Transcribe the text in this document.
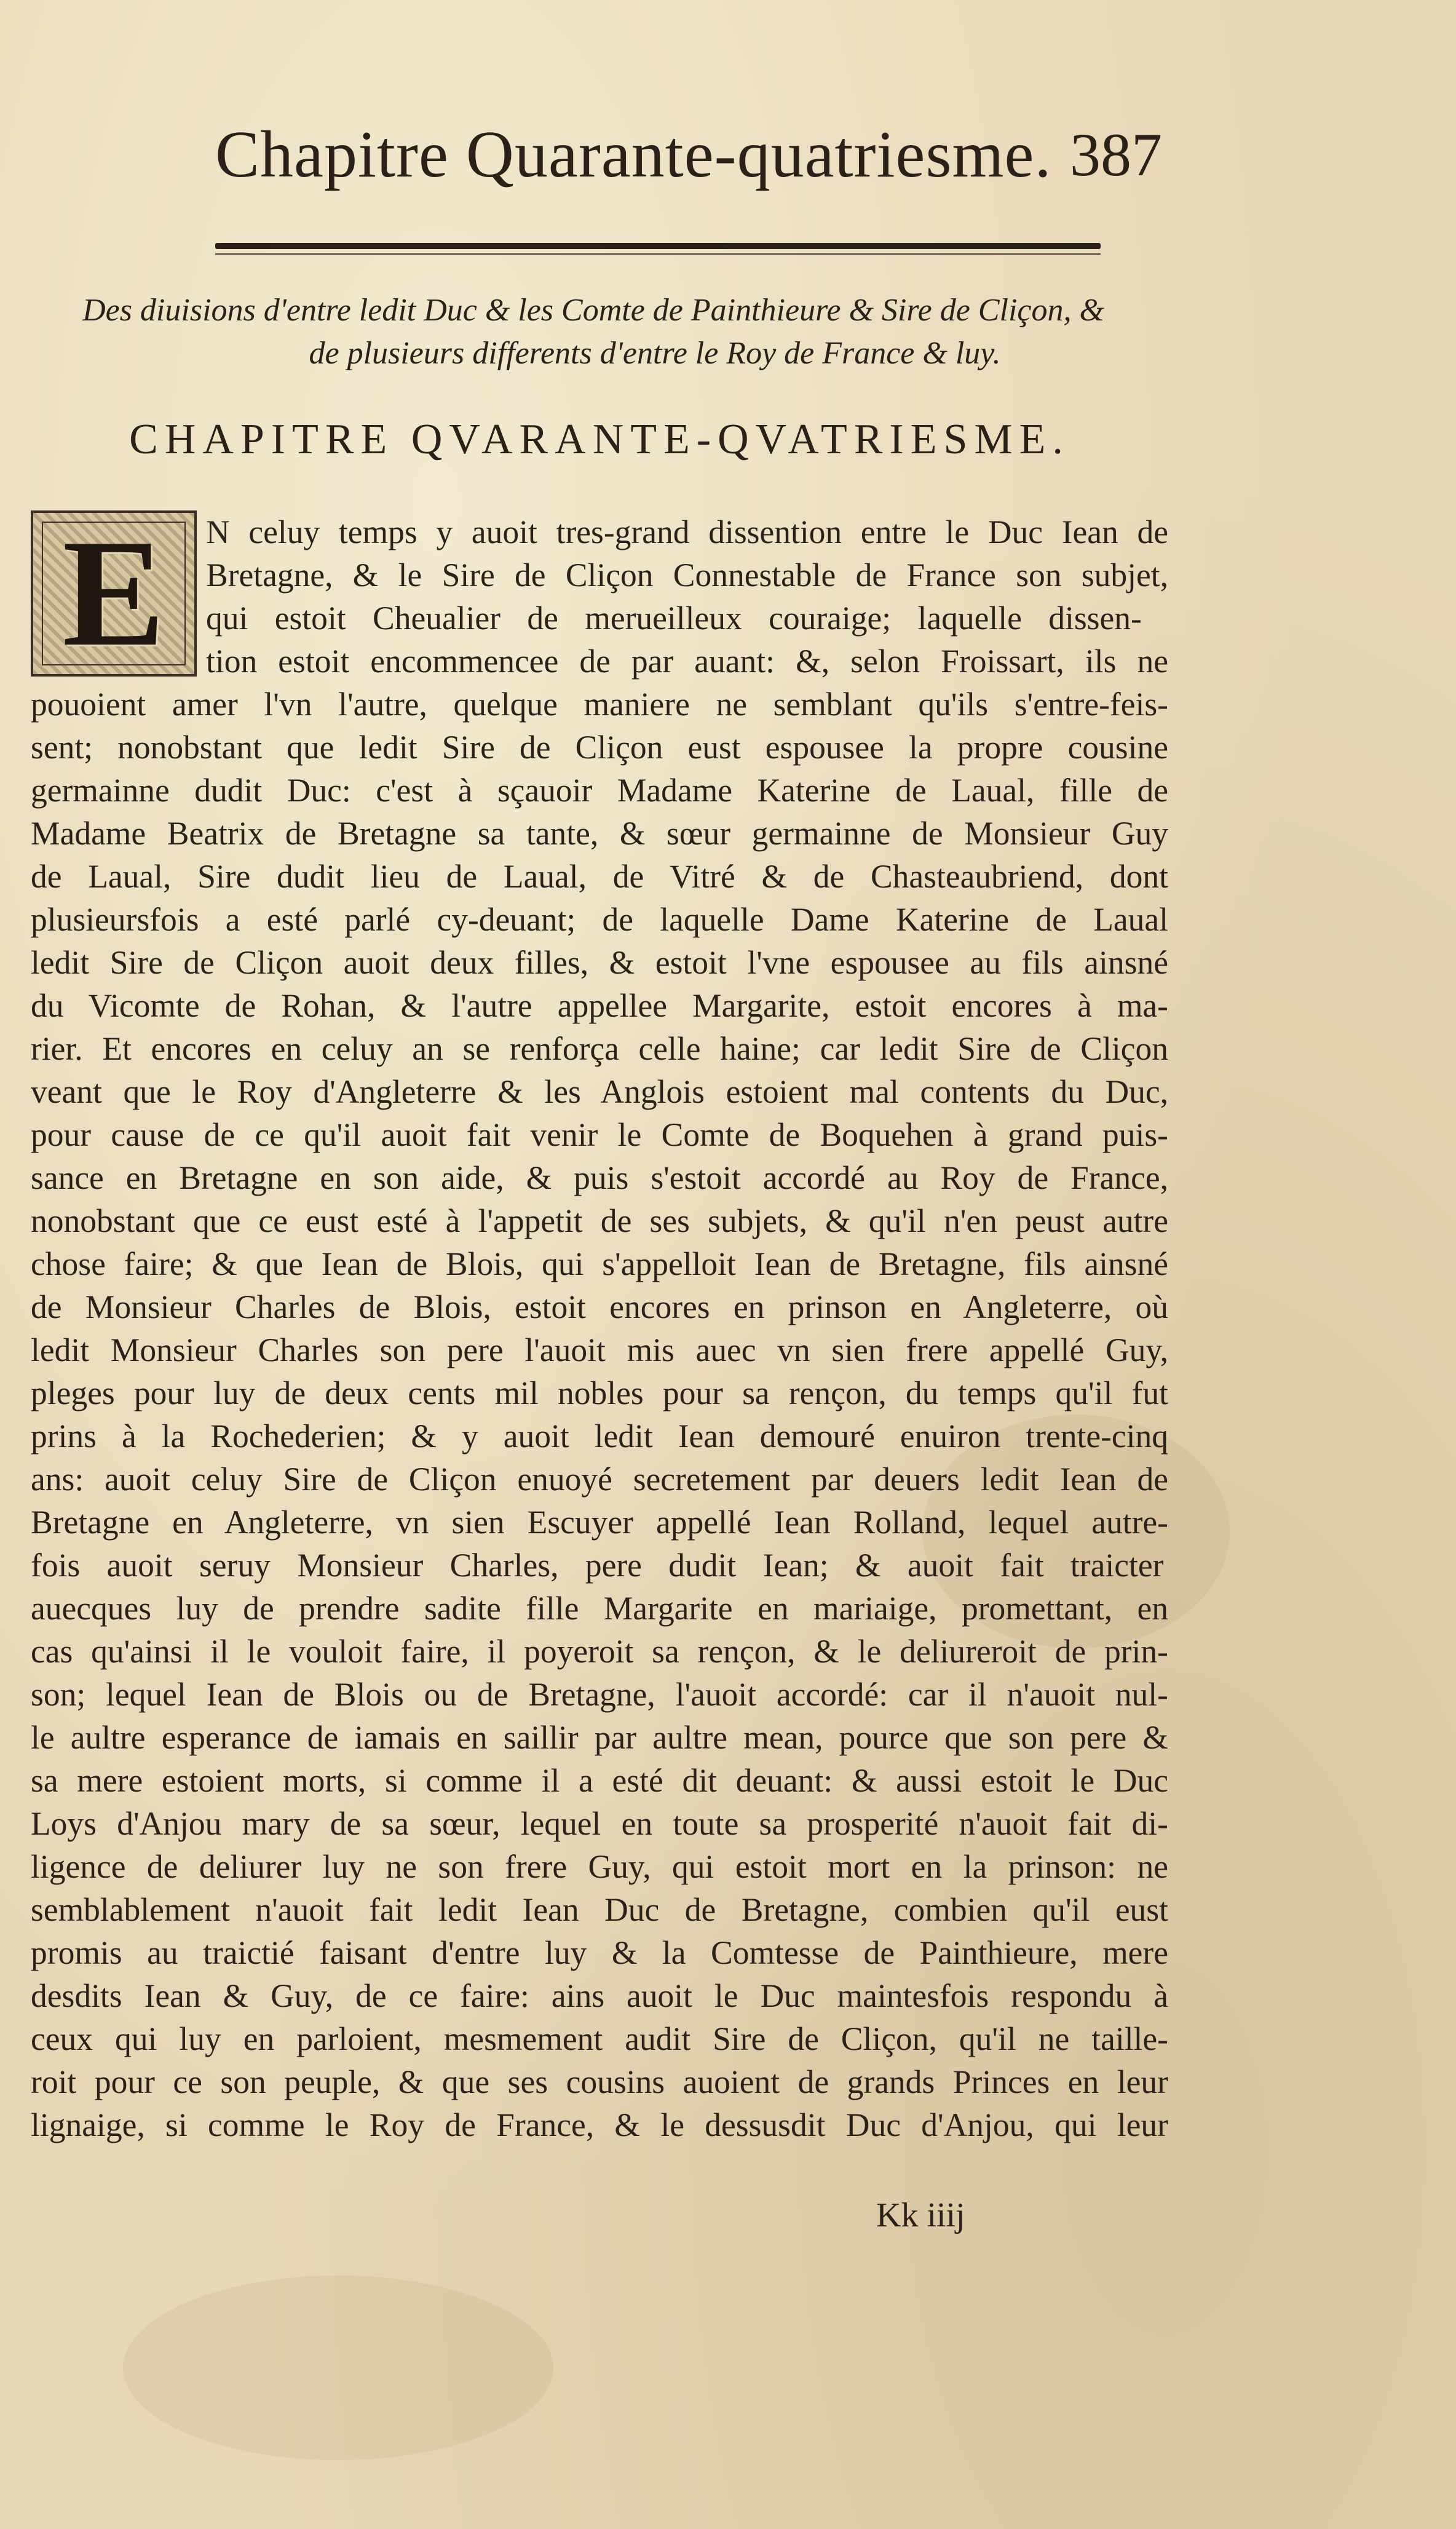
Chapitre Quarante-quatriesme. 387
Des diuisions d'entre ledit Duc & les Comte de Painthieure & Sire de Cliçon, &
de plusieurs differents d'entre le Roy de France & luy.
CHAPITRE QVARANTE-QVATRIESME.
E	N celuy temps y auoit tres-grand dissention entre le Duc Iean de
Bretagne, & le Sire de Cliçon Connestable de France son subjet,
qui estoit Cheualier de merueilleux couraige; laquelle dissen-
tion estoit encommencee de par auant: &, selon Froissart, ils ne
pouoient amer l'vn l'autre, quelque maniere ne semblant qu'ils s'entre-feis-
sent; nonobstant que ledit Sire de Cliçon eust espousee la propre cousine
germainne dudit Duc: c'est à sçauoir Madame Katerine de Laual, fille de
Madame Beatrix de Bretagne sa tante, & sœur germainne de Monsieur Guy
de Laual, Sire dudit lieu de Laual, de Vitré & de Chasteaubriend, dont
plusieursfois a esté parlé cy-deuant; de laquelle Dame Katerine de Laual
ledit Sire de Cliçon auoit deux filles, & estoit l'vne espousee au fils ainsné
du Vicomte de Rohan, & l'autre appellee Margarite, estoit encores à ma-
rier. Et encores en celuy an se renforça celle haine; car ledit Sire de Cliçon
veant que le Roy d'Angleterre & les Anglois estoient mal contents du Duc,
pour cause de ce qu'il auoit fait venir le Comte de Boquehen à grand puis-
sance en Bretagne en son aide, & puis s'estoit accordé au Roy de France,
nonobstant que ce eust esté à l'appetit de ses subjets, & qu'il n'en peust autre
chose faire; & que Iean de Blois, qui s'appelloit Iean de Bretagne, fils ainsné
de Monsieur Charles de Blois, estoit encores en prinson en Angleterre, où
ledit Monsieur Charles son pere l'auoit mis auec vn sien frere appellé Guy,
pleges pour luy de deux cents mil nobles pour sa rençon, du temps qu'il fut
prins à la Rochederien; & y auoit ledit Iean demouré enuiron trente-cinq
ans: auoit celuy Sire de Cliçon enuoyé secretement par deuers ledit Iean de
Bretagne en Angleterre, vn sien Escuyer appellé Iean Rolland, lequel autre-
fois auoit seruy Monsieur Charles, pere dudit Iean; & auoit fait traicter
auecques luy de prendre sadite fille Margarite en mariaige, promettant, en
cas qu'ainsi il le vouloit faire, il poyeroit sa rençon, & le deliureroit de prin-
son; lequel Iean de Blois ou de Bretagne, l'auoit accordé: car il n'auoit nul-
le aultre esperance de iamais en saillir par aultre mean, pource que son pere &
sa mere estoient morts, si comme il a esté dit deuant: & aussi estoit le Duc
Loys d'Anjou mary de sa sœur, lequel en toute sa prosperité n'auoit fait di-
ligence de deliurer luy ne son frere Guy, qui estoit mort en la prinson: ne
semblablement n'auoit fait ledit Iean Duc de Bretagne, combien qu'il eust
promis au traictié faisant d'entre luy & la Comtesse de Painthieure, mere
desdits Iean & Guy, de ce faire: ains auoit le Duc maintesfois respondu à
ceux qui luy en parloient, mesmement audit Sire de Cliçon, qu'il ne taille-
roit pour ce son peuple, & que ses cousins auoient de grands Princes en leur
lignaige, si comme le Roy de France, & le dessusdit Duc d'Anjou, qui leur
Kk iiij
